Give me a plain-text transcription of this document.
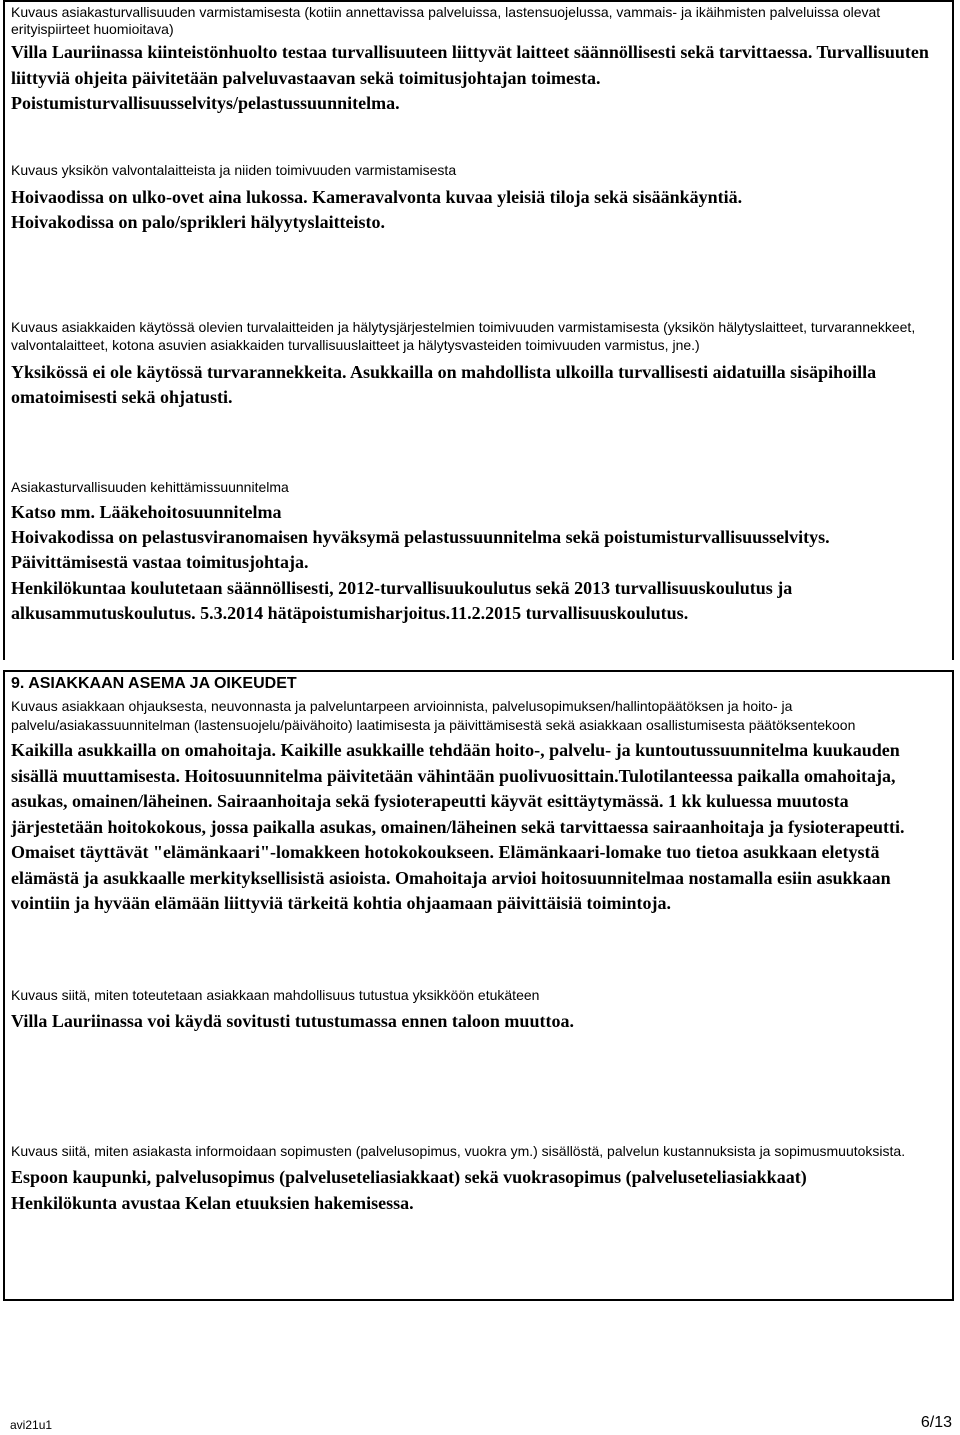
Kuvaus asiakasturvallisuuden varmistamisesta (kotiin annettavissa palveluissa, lastensuojelussa, vammais- ja ikäihmisten palveluissa olevat erityispiirteet huomioitava)

Villa Lauriinassa kiinteistönhuolto testaa turvallisuuteen liittyvät laitteet säännöllisesti sekä tarvittaessa. Turvallisuuten liittyviä ohjeita päivitetään palveluvastaavan sekä toimitusjohtajan toimesta.

Poistumisturvallisuusselvitys/pelastussuunnitelma.

Kuvaus yksikön valvontalaitteista ja niiden toimivuuden varmistamisesta

Hoivaodissa on ulko-ovet aina lukossa. Kameravalvonta kuvaa yleisiä tiloja sekä sisäänkäyntiä.

Hoivakodissa on palo/sprikleri hälyytyslaitteisto.

Kuvaus asiakkaiden käytössä olevien turvalaitteiden ja hälytysjärjestelmien toimivuuden varmistamisesta (yksikön hälytyslaitteet, turvarannekkeet, valvontalaitteet, kotona asuvien asiakkaiden turvallisuuslaitteet ja hälytysvasteiden toimivuuden varmistus, jne.)

Yksikössä ei ole käytössä turvarannekkeita. Asukkailla on mahdollista ulkoilla turvallisesti aidatuilla sisäpihoilla omatoimisesti sekä ohjatusti.

Asiakasturvallisuuden kehittämissuunnitelma

Katso mm. Lääkehoitosuunnitelma

Hoivakodissa on pelastusviranomaisen hyväksymä pelastussuunnitelma sekä poistumisturvallisuusselvitys. Päivittämisestä vastaa toimitusjohtaja.

Henkilökuntaa koulutetaan säännöllisesti, 2012-turvallisuukoulutus sekä 2013 turvallisuuskoulutus ja alkusammutuskoulutus. 5.3.2014 hätäpoistumisharjoitus.11.2.2015 turvallisuuskoulutus.

9. ASIAKKAAN ASEMA JA OIKEUDET

Kuvaus asiakkaan ohjauksesta, neuvonnasta ja palveluntarpeen arvioinnista, palvelusopimuksen/hallintopäätöksen ja hoito- ja palvelu/asiakassuunnitelman (lastensuojelu/päivähoito) laatimisesta ja päivittämisestä sekä asiakkaan osallistumisesta päätöksentekoon

Kaikilla asukkailla on omahoitaja. Kaikille asukkaille tehdään hoito-, palvelu- ja kuntoutussuunnitelma kuukauden sisällä muuttamisesta. Hoitosuunnitelma päivitetään vähintään puolivuosittain.Tulotilanteessa paikalla omahoitaja, asukas, omainen/läheinen. Sairaanhoitaja sekä fysioterapeutti käyvät esittäytymässä. 1 kk kuluessa muutosta järjestetään hoitokokous, jossa paikalla asukas, omainen/läheinen sekä tarvittaessa sairaanhoitaja ja fysioterapeutti. Omaiset täyttävät "elämänkaari"-lomakkeen hotokokoukseen. Elämänkaari-lomake tuo tietoa asukkaan eletystä elämästä ja asukkaalle merkityksellisistä asioista. Omahoitaja arvioi hoitosuunnitelmaa nostamalla esiin asukkaan vointiin ja hyvään elämään liittyviä tärkeitä kohtia ohjaamaan päivittäisiä toimintoja.

Kuvaus siitä, miten toteutetaan asiakkaan mahdollisuus tutustua yksikköön etukäteen

Villa Lauriinassa voi käydä sovitusti tutustumassa ennen taloon muuttoa.

Kuvaus siitä, miten asiakasta informoidaan sopimusten (palvelusopimus, vuokra ym.) sisällöstä, palvelun kustannuksista ja sopimusmuutoksista.

Espoon kaupunki, palvelusopimus (palveluseteliasiakkaat) sekä vuokrasopimus (palveluseteliasiakkaat)

Henkilökunta avustaa Kelan etuuksien hakemisessa.

avi21u1	6/13
